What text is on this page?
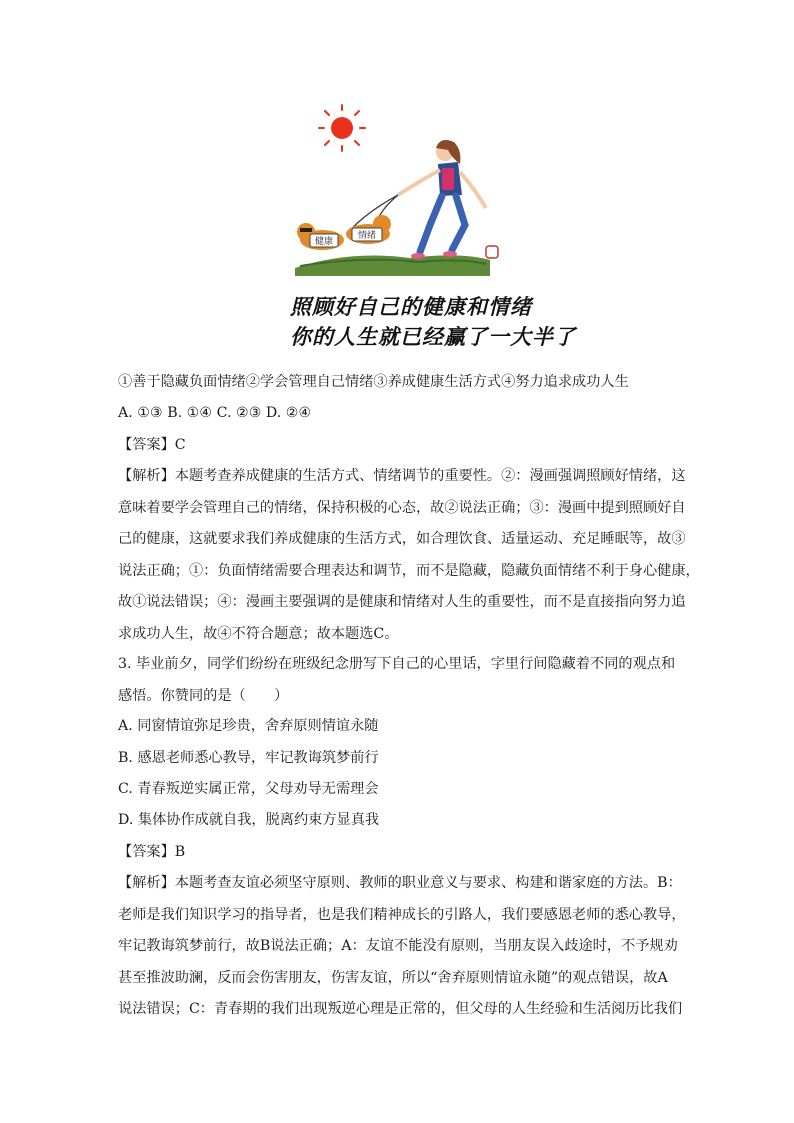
健康
情绪
照顾好自己的健康和情绪
你的人生就已经赢了一大半了
①善于隐藏负面情绪②学会管理自己情绪③养成健康生活方式④努力追求成功人生
A. ①③ B. ①④ C. ②③ D. ②④
【答案】C
【解析】本题考查养成健康的生活方式、情绪调节的重要性。②：漫画强调照顾好情绪，这
意味着要学会管理自己的情绪，保持积极的心态，故②说法正确；③：漫画中提到照顾好自
己的健康，这就要求我们养成健康的生活方式，如合理饮食、适量运动、充足睡眠等，故③
说法正确；①：负面情绪需要合理表达和调节，而不是隐藏，隐藏负面情绪不利于身心健康，
故①说法错误；④：漫画主要强调的是健康和情绪对人生的重要性，而不是直接指向努力追
求成功人生，故④不符合题意；故本题选C。
3. 毕业前夕，同学们纷纷在班级纪念册写下自己的心里话，字里行间隐藏着不同的观点和
感悟。你赞同的是（　　）
A. 同窗情谊弥足珍贵，舍弃原则情谊永随
B. 感恩老师悉心教导，牢记教诲筑梦前行
C. 青春叛逆实属正常，父母劝导无需理会
D. 集体协作成就自我，脱离约束方显真我
【答案】B
【解析】本题考查友谊必须坚守原则、教师的职业意义与要求、构建和谐家庭的方法。B：
老师是我们知识学习的指导者，也是我们精神成长的引路人，我们要感恩老师的悉心教导，
牢记教诲筑梦前行，故B说法正确；A：友谊不能没有原则，当朋友误入歧途时，不予规劝
甚至推波助澜，反而会伤害朋友，伤害友谊，所以“舍弃原则情谊永随”的观点错误，故A
说法错误；C：青春期的我们出现叛逆心理是正常的，但父母的人生经验和生活阅历比我们
